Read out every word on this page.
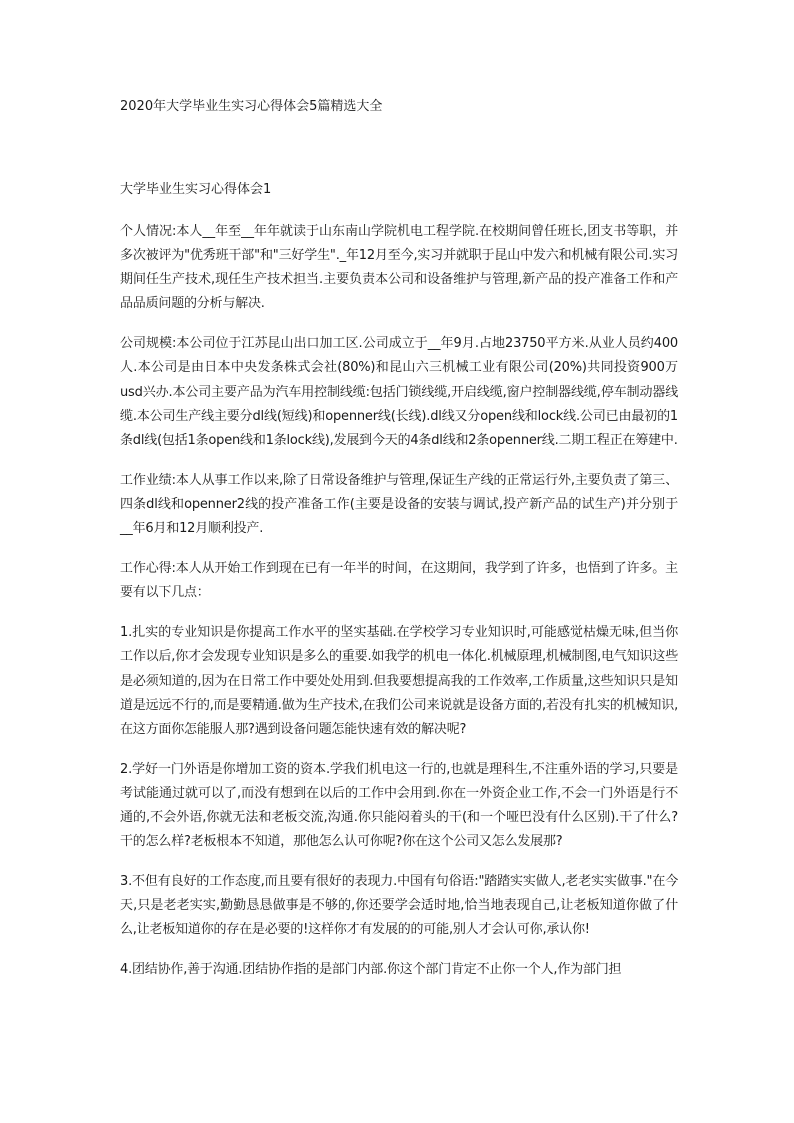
2020年大学毕业生实习心得体会5篇精选大全
大学毕业生实习心得体会1

个人情况:本人__年至__年年就读于山东南山学院机电工程学院.在校期间曾任班长,团支书等职，并多次被评为"优秀班干部"和"三好学生"._年12月至今,实习并就职于昆山中发六和机械有限公司.实习期间任生产技术,现任生产技术担当.主要负责本公司和设备维护与管理,新产品的投产准备工作和产品品质问题的分析与解决.

公司规模:本公司位于江苏昆山出口加工区.公司成立于__年9月.占地23750平方米.从业人员约400人.本公司是由日本中央发条株式会社(80%)和昆山六三机械工业有限公司(20%)共同投资900万usd兴办.本公司主要产品为汽车用控制线缆:包括门锁线缆,开启线缆,窗户控制器线缆,停车制动器线缆.本公司生产线主要分dl线(短线)和openner线(长线).dl线又分open线和lock线.公司已由最初的1条dl线(包括1条open线和1条lock线),发展到今天的4条dl线和2条openner线.二期工程正在筹建中.

工作业绩:本人从事工作以来,除了日常设备维护与管理,保证生产线的正常运行外,主要负责了第三、四条dl线和openner2线的投产准备工作(主要是设备的安装与调试,投产新产品的试生产)并分别于__年6月和12月顺利投产.

工作心得:本人从开始工作到现在已有一年半的时间，在这期间，我学到了许多，也悟到了许多。主要有以下几点：

1.扎实的专业知识是你提高工作水平的坚实基础.在学校学习专业知识时,可能感觉枯燥无味,但当你工作以后,你才会发现专业知识是多么的重要.如我学的机电一体化.机械原理,机械制图,电气知识这些是必须知道的,因为在日常工作中要处处用到.但我要想提高我的工作效率,工作质量,这些知识只是知道是远远不行的,而是要精通.做为生产技术,在我们公司来说就是设备方面的,若没有扎实的机械知识,在这方面你怎能服人那?遇到设备问题怎能快速有效的解决呢?

2.学好一门外语是你增加工资的资本.学我们机电这一行的,也就是理科生,不注重外语的学习,只要是考试能通过就可以了,而没有想到在以后的工作中会用到.你在一外资企业工作,不会一门外语是行不通的,不会外语,你就无法和老板交流,沟通.你只能闷着头的干(和一个哑巴没有什么区别).干了什么?干的怎么样?老板根本不知道，那他怎么认可你呢?你在这个公司又怎么发展那?

3.不但有良好的工作态度,而且要有很好的表现力.中国有句俗语:"踏踏实实做人,老老实实做事."在今天,只是老老实实,勤勤恳恳做事是不够的,你还要学会适时地,恰当地表现自己,让老板知道你做了什么,让老板知道你的存在是必要的!这样你才有发展的的可能,别人才会认可你,承认你!

4.团结协作,善于沟通.团结协作指的是部门内部.你这个部门肯定不止你一个人,作为部门担
